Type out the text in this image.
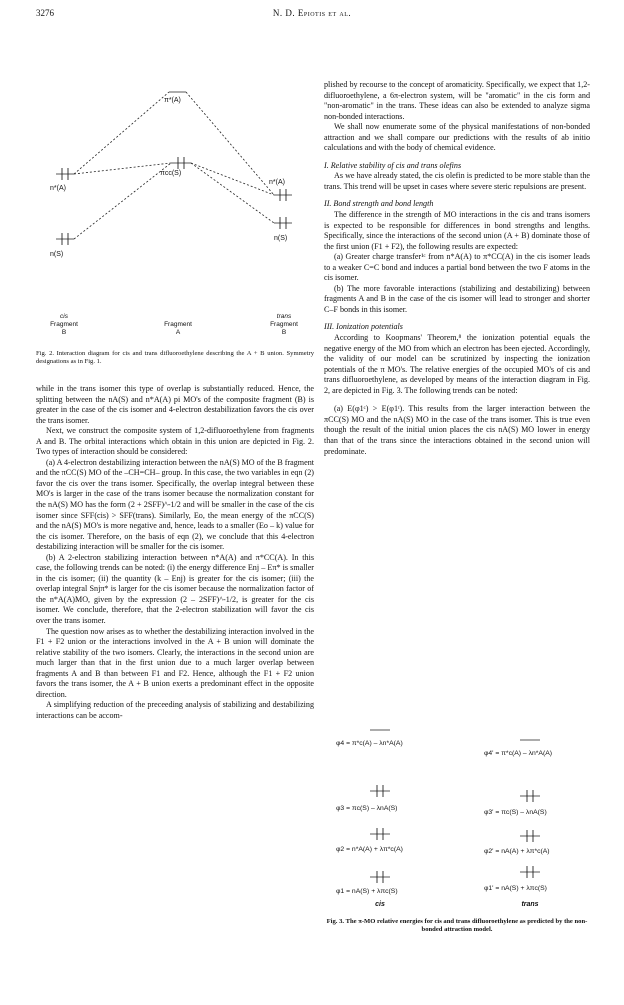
3276	N. D. Epiotis et al.
π*(A)
πcc(S)
n*(A)
n(S)
n*(A)
n(S)
cis	trans
Fragment
B
Fragment
A
Fragment
B
Fig. 2. Interaction diagram for cis and trans difluoroethylene describing the A + B union. Symmetry designations as in Fig. 1.

while in the trans isomer this type of overlap is substantially reduced. Hence, the splitting between the nA(S) and n*A(A) pi MO's of the composite fragment (B) is greater in the case of the cis isomer and 4-electron destabilization favors the cis over the trans isomer.

Next, we construct the composite system of 1,2-difluoroethylene from fragments A and B. The orbital interactions which obtain in this union are depicted in Fig. 2. Two types of interaction should be considered:

(a) A 4-electron destabilizing interaction between the nA(S) MO of the B fragment and the πCC(S) MO of the –CH=CH– group. In this case, the two variables in eqn (2) favor the cis over the trans isomer. Specifically, the overlap integral between these MO's is larger in the case of the trans isomer because the normalization constant for the nA(S) MO has the form (2 + 2SFF)^-1/2 and will be smaller in the case of the cis isomer since SFF(cis) > SFF(trans). Similarly, Eo, the mean energy of the πCC(S) and the nA(S) MO's is more negative and, hence, leads to a smaller (Eo – k) value for the cis isomer. Therefore, on the basis of eqn (2), we conclude that this 4-electron destabilizing interaction will be smaller for the cis isomer.

(b) A 2-electron stabilizing interaction between n*A(A) and π*CC(A). In this case, the following trends can be noted: (i) the energy difference Enj – Eπ* is smaller in the cis isomer; (ii) the quantity (k – Enj) is greater for the cis isomer; (iii) the overlap integral Snjπ* is larger for the cis isomer because the normalization factor of the n*A(A)MO, given by the expression (2 – 2SFF)^-1/2, is greater for the cis isomer. We conclude, therefore, that the 2-electron stabilization will favor the cis over the trans isomer.

The question now arises as to whether the destabilizing interaction involved in the F1 + F2 union or the interactions involved in the A + B union will dominate the relative stability of the two isomers. Clearly, the interactions in the second union are much larger than that in the first union due to a much larger overlap between fragments A and B than between F1 and F2. Hence, although the F1 + F2 union favors the trans isomer, the A + B union exerts a predominant effect in the opposite direction.

A simplifying reduction of the preceeding analysis of stabilizing and destabilizing interactions can be accom-

plished by recourse to the concept of aromaticity. Specifically, we expect that 1,2-difluoroethylene, a 6π-electron system, will be "aromatic" in the cis form and "non-aromatic" in the trans. These ideas can also be extended to analyze sigma non-bonded interactions.

We shall now enumerate some of the physical manifestations of non-bonded attraction and we shall compare our predictions with the results of ab initio calculations and with the body of chemical evidence.

I. Relative stability of cis and trans olefins

As we have already stated, the cis olefin is predicted to be more stable than the trans. This trend will be upset in cases where severe steric repulsions are present.

II. Bond strength and bond length

The difference in the strength of MO interactions in the cis and trans isomers is expected to be responsible for differences in bond strengths and lengths. Specifically, since the interactions of the second union (A + B) dominate those of the first union (F1 + F2), the following results are expected:

(a) Greater charge transfer¹ᶜ from n*A(A) to π*CC(A) in the cis isomer leads to a weaker C=C bond and induces a partial bond between the two F atoms in the cis isomer.

(b) The more favorable interactions (stabilizing and destabilizing) between fragments A and B in the case of the cis isomer will lead to stronger and shorter C–F bonds in this isomer.

III. Ionization potentials

According to Koopmans' Theorem,⁸ the ionization potential equals the negative energy of the MO from which an electron has been ejected. Accordingly, the validity of our model can be scrutinized by inspecting the ionization potentials of the π MO's. The relative energies of the occupied MO's of cis and trans difluoroethylene, as developed by means of the interaction diagram in Fig. 2, are depicted in Fig. 3. The following trends can be noted:

(a) E(φ1ᶜ) > E(φ1ᵗ). This results from the larger interaction between the πCC(S) MO and the nA(S) MO in the case of the trans isomer. This is true even though the result of the initial union places the cis nA(S) MO lower in energy than that of the trans since the interactions obtained in the second union will predominate.

φ4 = π*c(A) – λn*A(A)
φ3 = πc(S) – λnA(S)
φ2 = n*A(A) + λπ*c(A)
φ1 = nA(S) + λπc(S)
φ4' = π*c(A) – λn*A(A)
φ3' = πc(S) – λnA(S)
φ2' = nA(A) + λπ*c(A)
φ1' = nA(S) + λπc(S)
cis	trans
Fig. 3. The π-MO relative energies for cis and trans difluoroethylene as predicted by the non-bonded attraction model.
